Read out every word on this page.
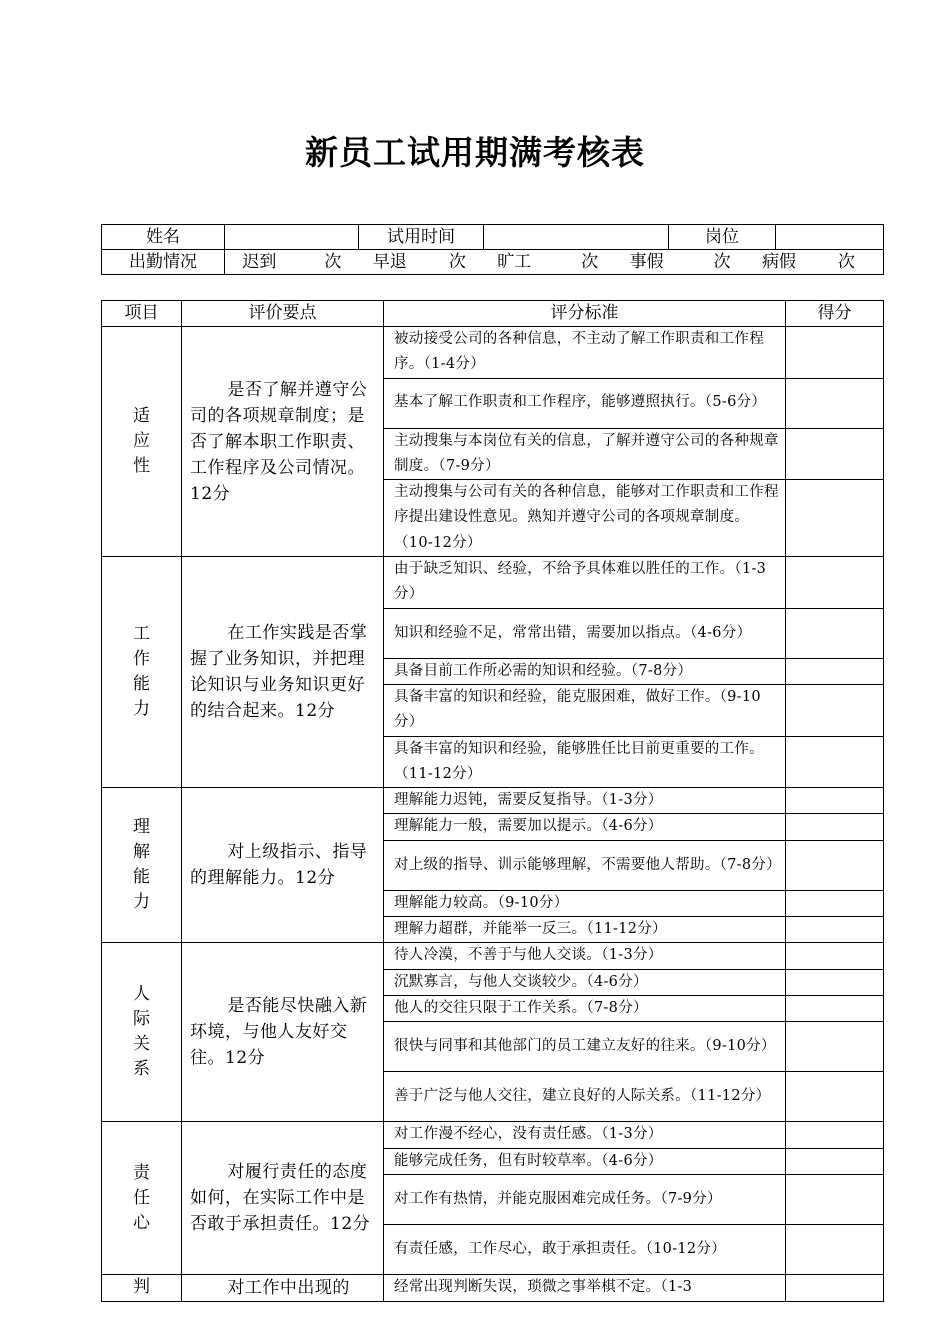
新员工试用期满考核表
姓名		试用时间		岗位	
出勤情况	迟到 次 早退 次 旷工 次 事假 次 病假 次				
项目	评价要点	评分标准	得分
适应性	是否了解并遵守公司的各项规章制度；是否了解本职工作职责、工作程序及公司情况。12分	被动接受公司的各种信息，不主动了解工作职责和工作程序。（1-4分）	
		基本了解工作职责和工作程序，能够遵照执行。（5-6分）	
		主动搜集与本岗位有关的信息，了解并遵守公司的各种规章制度。（7-9分）	
		主动搜集与公司有关的各种信息，能够对工作职责和工作程序提出建设性意见。熟知并遵守公司的各项规章制度。（10-12分）	
工作能力	在工作实践是否掌握了业务知识，并把理论知识与业务知识更好的结合起来。12分	由于缺乏知识、经验，不给予具体难以胜任的工作。（1-3分）	
		知识和经验不足，常常出错，需要加以指点。（4-6分）	
		具备目前工作所必需的知识和经验。（7-8分）	
		具备丰富的知识和经验，能克服困难，做好工作。（9-10分）	
		具备丰富的知识和经验，能够胜任比目前更重要的工作。（11-12分）	
理解能力	对上级指示、指导的理解能力。12分	理解能力迟钝，需要反复指导。（1-3分）	
		理解能力一般，需要加以提示。（4-6分）	
		对上级的指导、训示能够理解，不需要他人帮助。（7-8分）	
		理解能力较高。（9-10分）	
		理解力超群，并能举一反三。（11-12分）	
人际关系	是否能尽快融入新环境，与他人友好交往。12分	待人冷漠，不善于与他人交谈。（1-3分）	
		沉默寡言，与他人交谈较少。（4-6分）	
		他人的交往只限于工作关系。（7-8分）	
		很快与同事和其他部门的员工建立友好的往来。（9-10分）	
		善于广泛与他人交往，建立良好的人际关系。（11-12分）	
责任心	对履行责任的态度如何，在实际工作中是否敢于承担责任。12分	对工作漫不经心，没有责任感。（1-3分）	
		能够完成任务，但有时较草率。（4-6分）	
		对工作有热情，并能克服困难完成任务。（7-9分）	
		有责任感，工作尽心，敢于承担责任。（10-12分）	
判	对工作中出现的	经常出现判断失误，琐微之事举棋不定。（1-3	
